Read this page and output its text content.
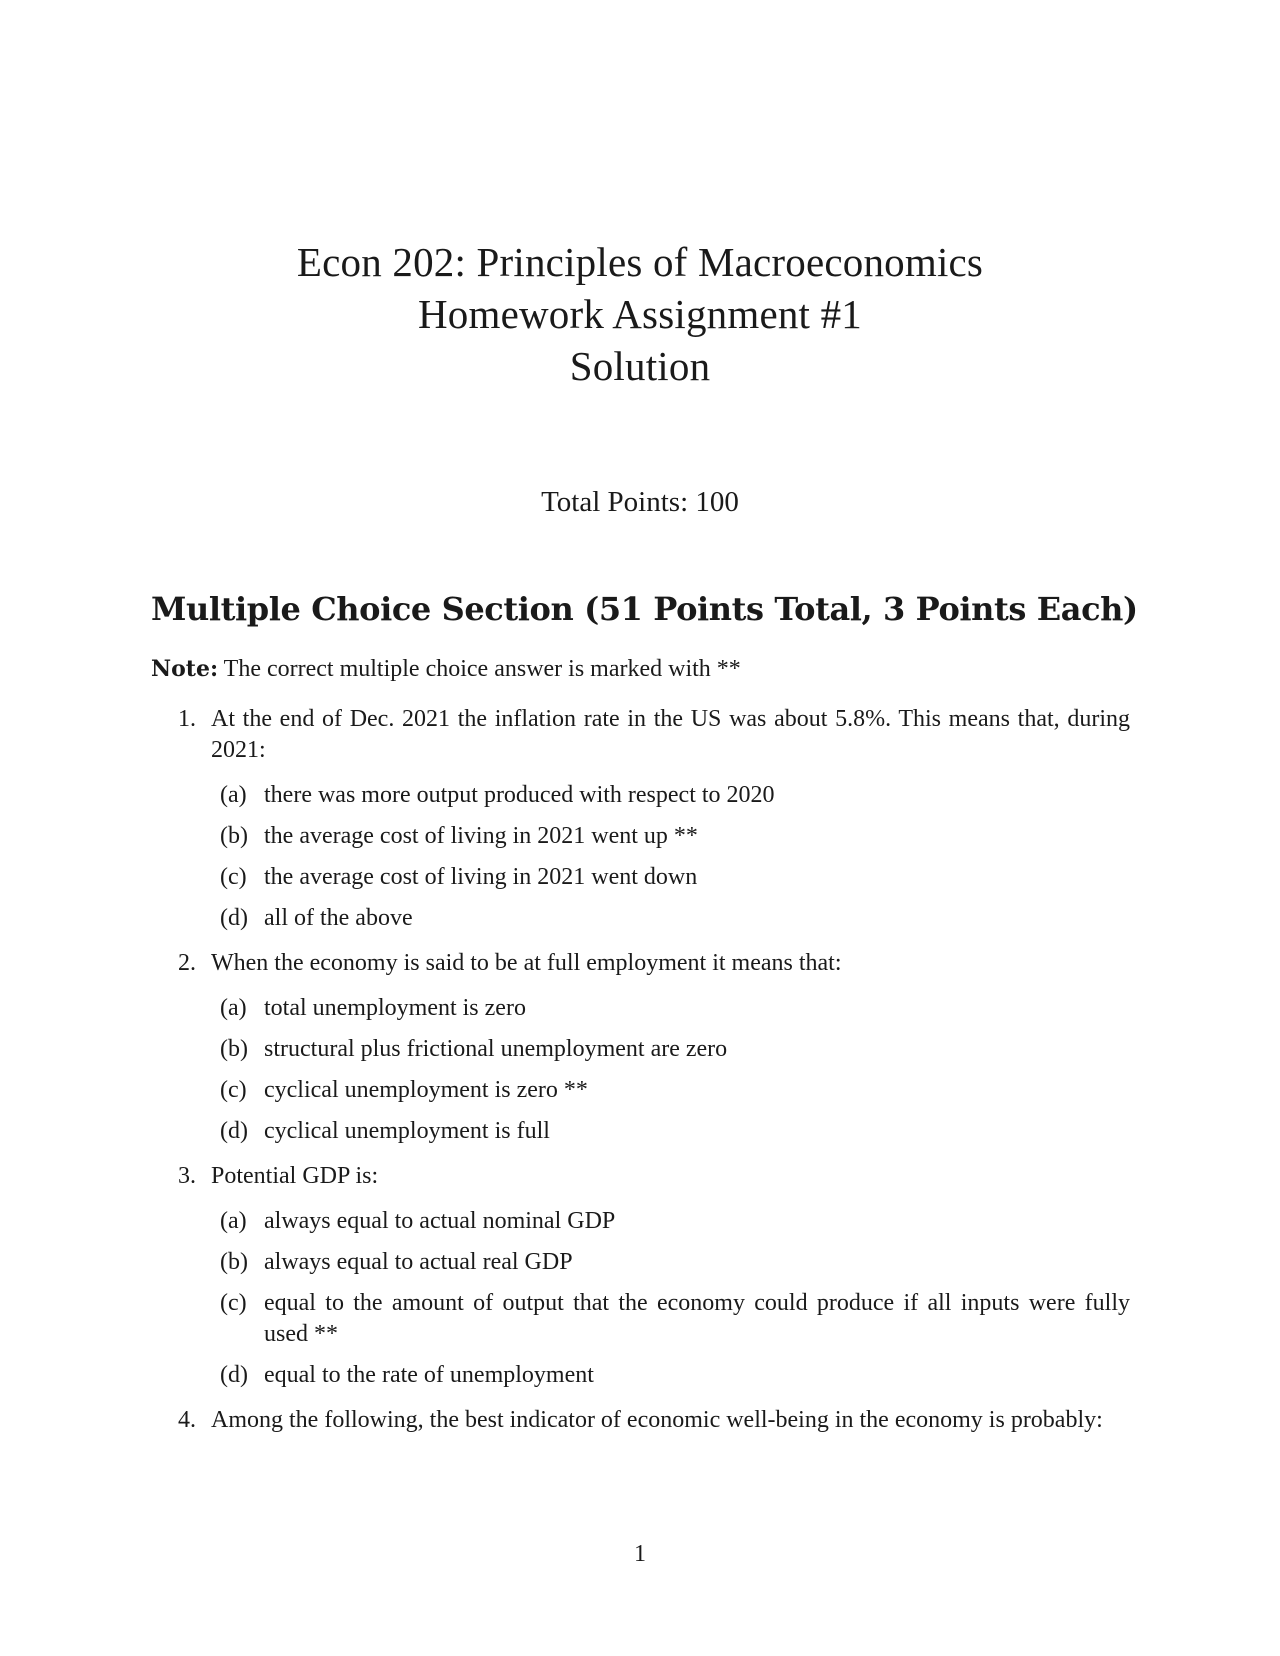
Econ 202: Principles of Macroeconomics
Homework Assignment #1
Solution
Total Points: 100
Multiple Choice Section (51 Points Total, 3 Points Each)
Note: The correct multiple choice answer is marked with **
1. At the end of Dec. 2021 the inflation rate in the US was about 5.8%. This means that, during 2021:
(a) there was more output produced with respect to 2020
(b) the average cost of living in 2021 went up **
(c) the average cost of living in 2021 went down
(d) all of the above
2. When the economy is said to be at full employment it means that:
(a) total unemployment is zero
(b) structural plus frictional unemployment are zero
(c) cyclical unemployment is zero **
(d) cyclical unemployment is full
3. Potential GDP is:
(a) always equal to actual nominal GDP
(b) always equal to actual real GDP
(c) equal to the amount of output that the economy could produce if all inputs were fully used **
(d) equal to the rate of unemployment
4. Among the following, the best indicator of economic well-being in the economy is probably:
1
